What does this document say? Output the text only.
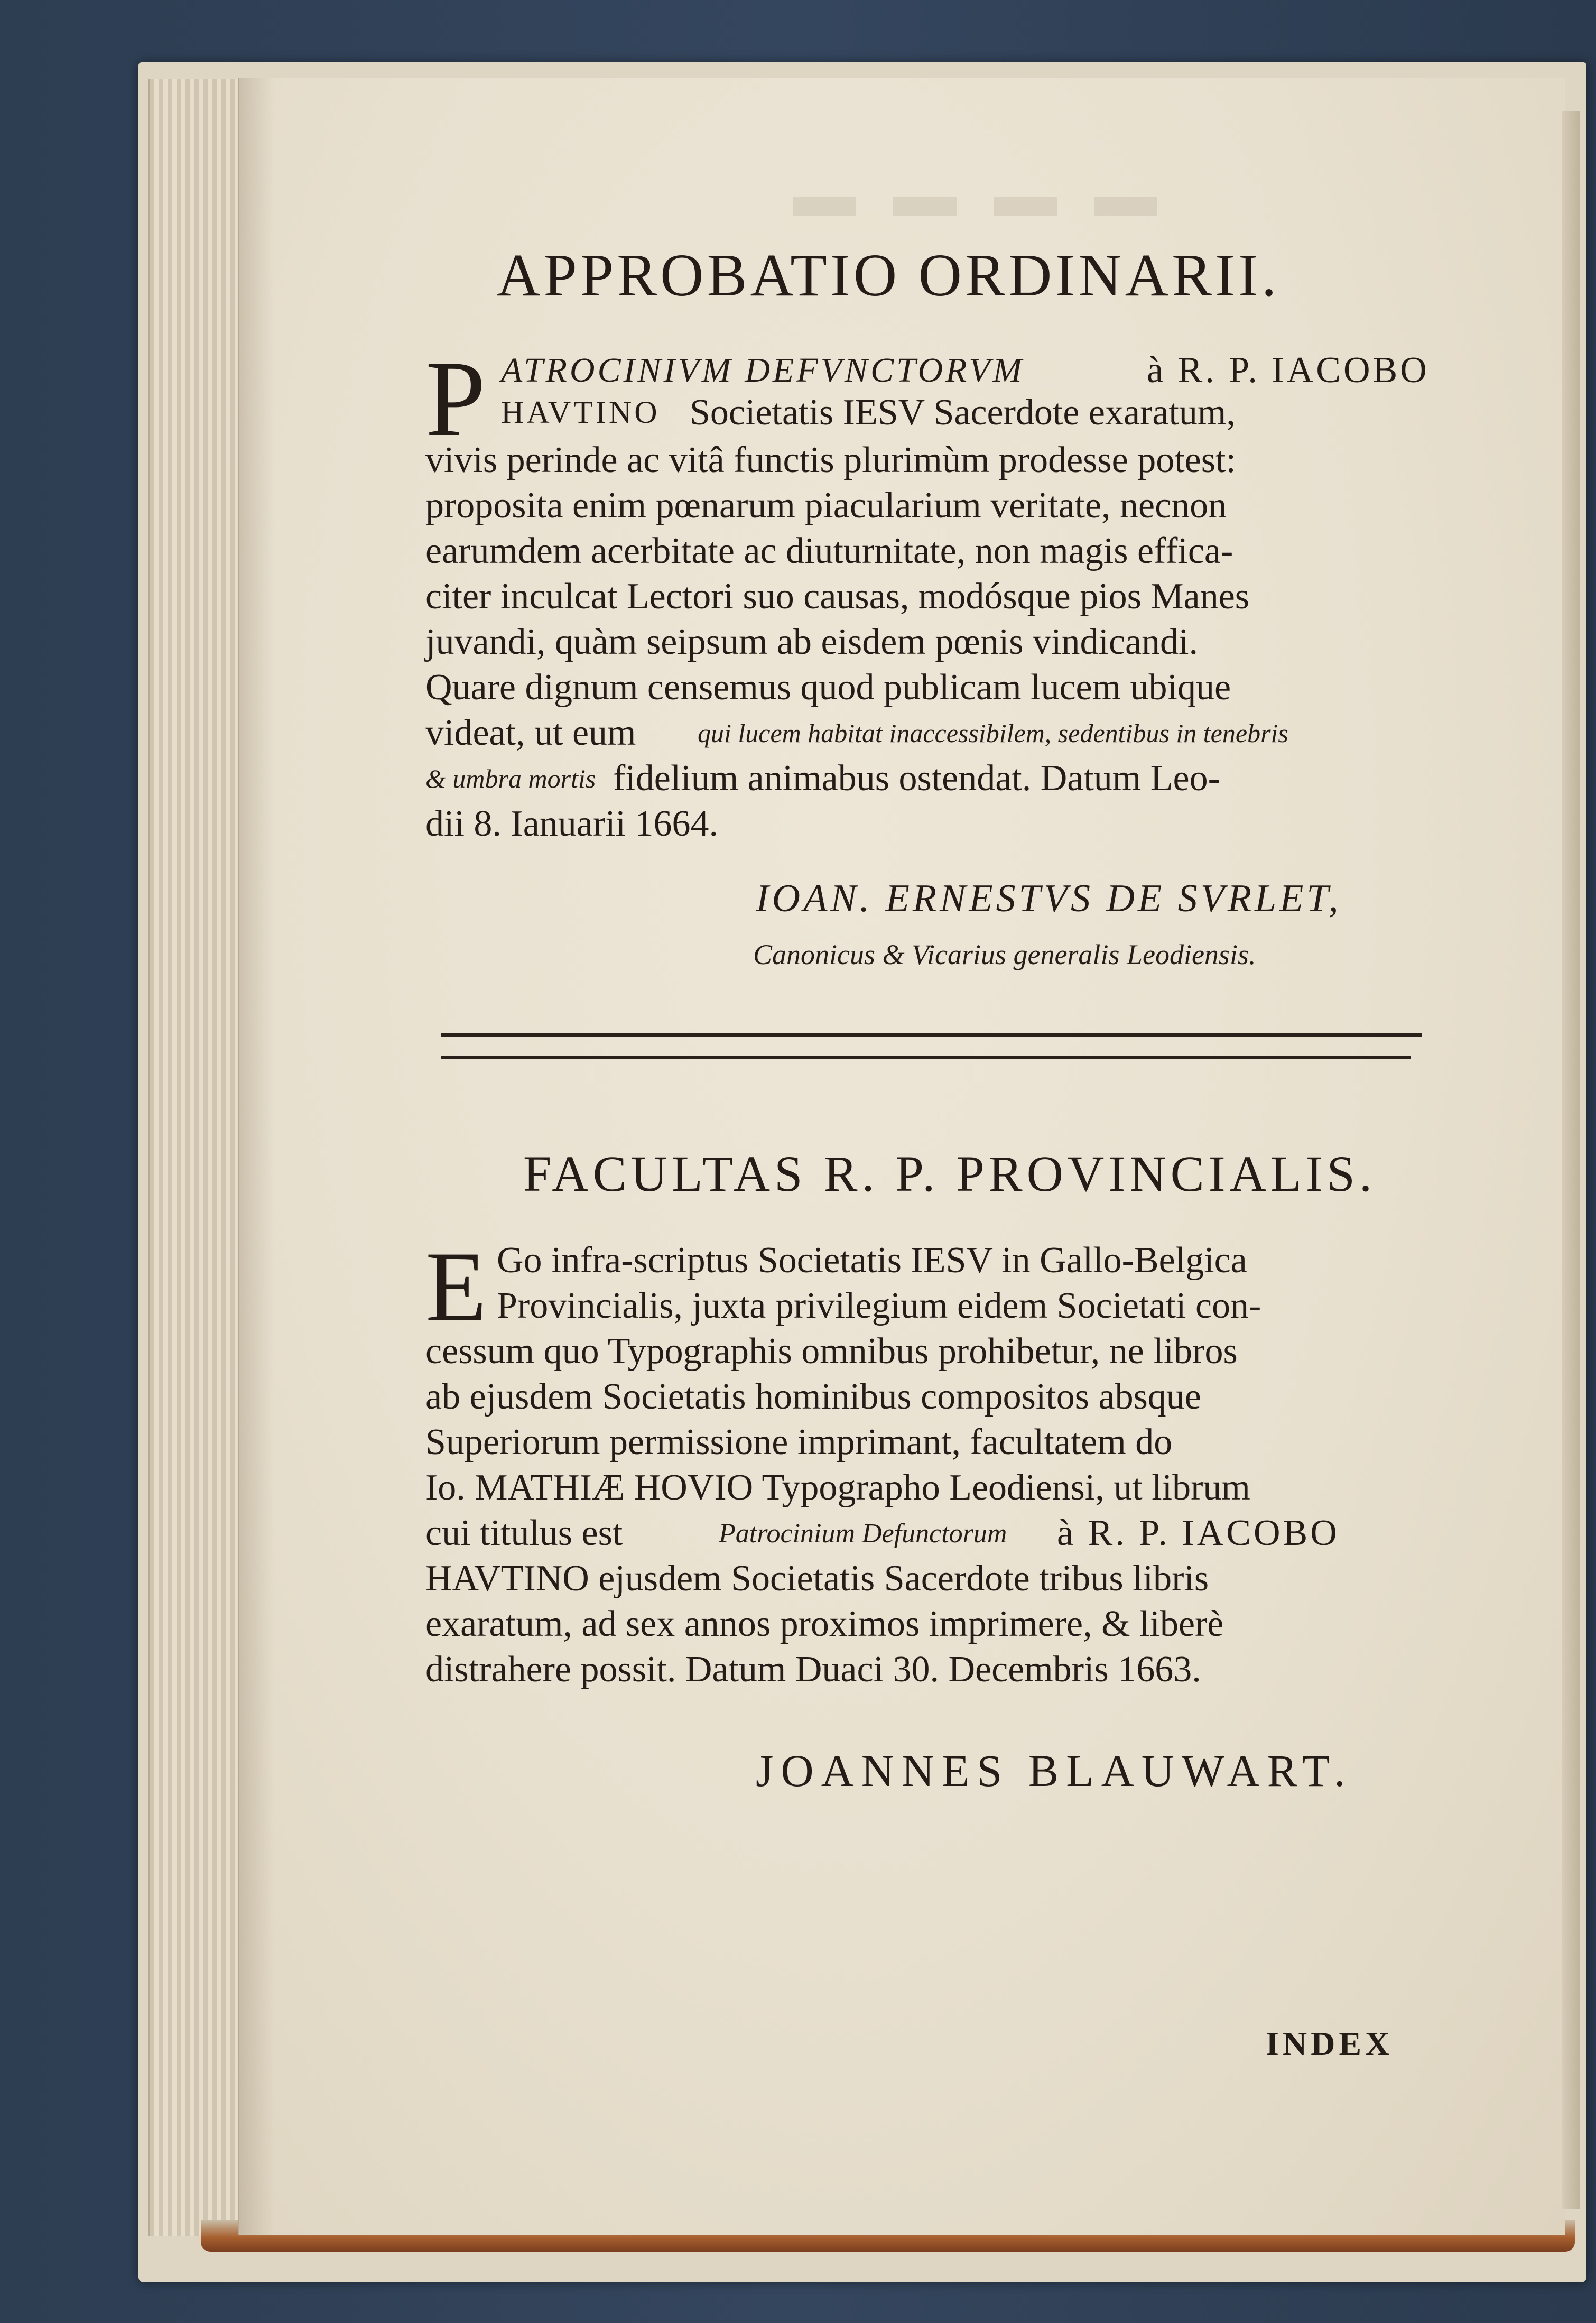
▬ ▬ ▬ ▬
APPROBATIO ORDINARII.
P ATROCINIVM DEFVNCTORVM	à R. P. IACOBO
HAVTINO Societatis IESV Sacerdote exaratum,
vivis perinde ac vitâ functis plurimùm prodesse potest:
proposita enim pœnarum piacularium veritate, necnon
earumdem acerbitate ac diuturnitate, non magis effica-
citer inculcat Lectori suo causas, modósque pios Manes
juvandi, quàm seipsum ab eisdem pœnis vindicandi.
Quare dignum censemus quod publicam lucem ubique
videat, ut eum qui lucem habitat inaccessibilem, sedentibus in tenebris
& umbra mortis fidelium animabus ostendat. Datum Leo-
dii 8. Ianuarii 1664.
IOAN. ERNESTVS DE SVRLET,
Canonicus & Vicarius generalis Leodiensis.
FACULTAS R. P. PROVINCIALIS.
E Go infra-scriptus Societatis IESV in Gallo-Belgica
Provincialis, juxta privilegium eidem Societati con-
cessum quo Typographis omnibus prohibetur, ne libros
ab ejusdem Societatis hominibus compositos absque
Superiorum permissione imprimant, facultatem do
Io. MATHIÆ HOVIO Typographo Leodiensi, ut librum
cui titulus est	Patrocinium Defunctorum à R. P. IACOBO
HAVTINO ejusdem Societatis Sacerdote tribus libris
exaratum, ad sex annos proximos imprimere, & liberè
distrahere possit. Datum Duaci 30. Decembris 1663.
JOANNES BLAUWART.
INDEX
